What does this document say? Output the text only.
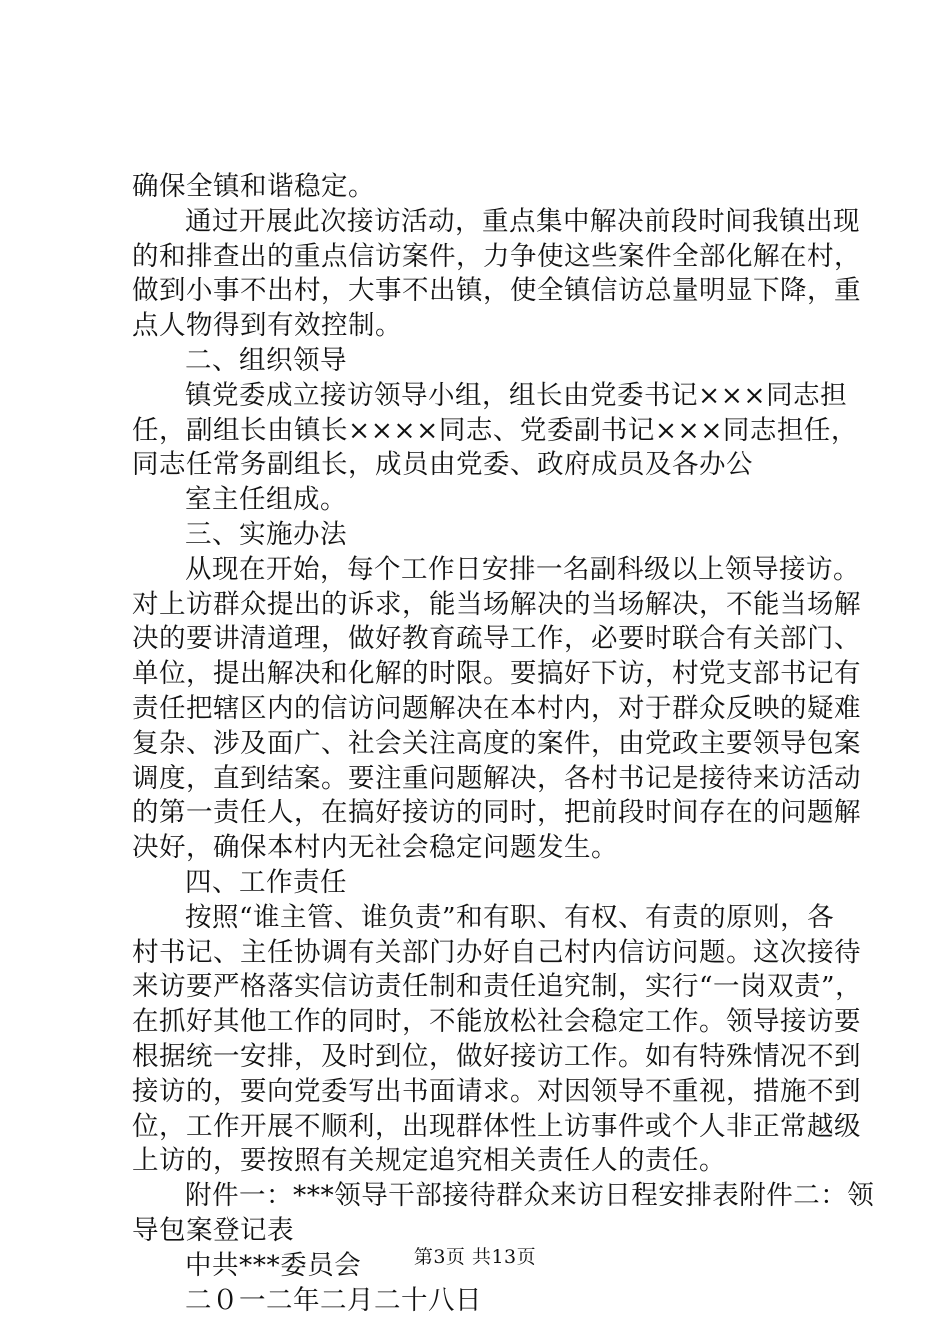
确保全镇和谐稳定。
通过开展此次接访活动，重点集中解决前段时间我镇出现
的和排查出的重点信访案件，力争使这些案件全部化解在村，
做到小事不出村，大事不出镇，使全镇信访总量明显下降，重
点人物得到有效控制。
二、组织领导
镇党委成立接访领导小组，组长由党委书记×××同志担
任，副组长由镇长××××同志、党委副书记×××同志担任，
同志任常务副组长，成员由党委、政府成员及各办公
室主任组成。
三、实施办法
从现在开始，每个工作日安排一名副科级以上领导接访。
对上访群众提出的诉求，能当场解决的当场解决，不能当场解
决的要讲清道理，做好教育疏导工作，必要时联合有关部门、
单位，提出解决和化解的时限。要搞好下访，村党支部书记有
责任把辖区内的信访问题解决在本村内，对于群众反映的疑难
复杂、涉及面广、社会关注高度的案件，由党政主要领导包案
调度，直到结案。要注重问题解决，各村书记是接待来访活动
的第一责任人，在搞好接访的同时，把前段时间存在的问题解
决好，确保本村内无社会稳定问题发生。
四、工作责任
按照“谁主管、谁负责”和有职、有权、有责的原则，各
村书记、主任协调有关部门办好自己村内信访问题。这次接待
来访要严格落实信访责任制和责任追究制，实行“一岗双责”，
在抓好其他工作的同时，不能放松社会稳定工作。领导接访要
根据统一安排，及时到位，做好接访工作。如有特殊情况不到
接访的，要向党委写出书面请求。对因领导不重视，措施不到
位，工作开展不顺利，出现群体性上访事件或个人非正常越级
上访的，要按照有关规定追究相关责任人的责任。
附件一：***领导干部接待群众来访日程安排表附件二：领
导包案登记表
中共***委员会
二０一二年二月二十八日
第3页 共13页
